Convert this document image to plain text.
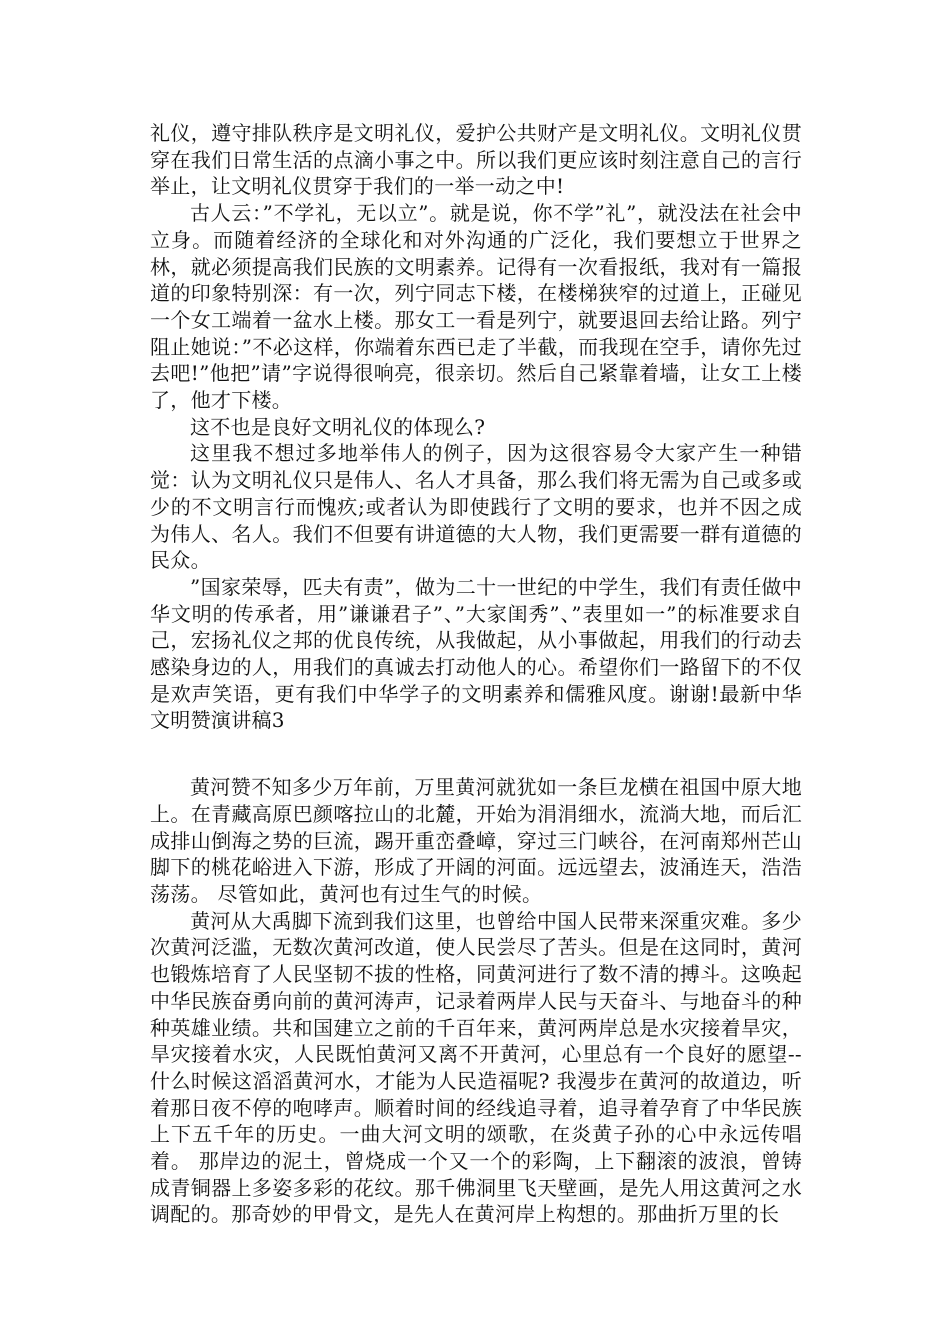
礼仪，遵守排队秩序是文明礼仪，爱护公共财产是文明礼仪。文明礼仪贯穿在我们日常生活的点滴小事之中。所以我们更应该时刻注意自己的言行举止，让文明礼仪贯穿于我们的一举一动之中!

古人云：”不学礼，无以立”。就是说，你不学”礼”，就没法在社会中立身。而随着经济的全球化和对外沟通的广泛化，我们要想立于世界之林，就必须提高我们民族的文明素养。记得有一次看报纸，我对有一篇报道的印象特别深：有一次，列宁同志下楼，在楼梯狭窄的过道上，正碰见一个女工端着一盆水上楼。那女工一看是列宁，就要退回去给让路。列宁阻止她说：”不必这样，你端着东西已走了半截，而我现在空手，请你先过去吧!”他把”请”字说得很响亮，很亲切。然后自己紧靠着墙，让女工上楼了，他才下楼。

这不也是良好文明礼仪的体现么?

这里我不想过多地举伟人的例子，因为这很容易令大家产生一种错觉：认为文明礼仪只是伟人、名人才具备，那么我们将无需为自己或多或少的不文明言行而愧疚;或者认为即使践行了文明的要求，也并不因之成为伟人、名人。我们不但要有讲道德的大人物，我们更需要一群有道德的民众。

”国家荣辱，匹夫有责”，做为二十一世纪的中学生，我们有责任做中华文明的传承者，用”谦谦君子”、”大家闺秀”、”表里如一”的标准要求自己，宏扬礼仪之邦的优良传统，从我做起，从小事做起，用我们的行动去感染身边的人，用我们的真诚去打动他人的心。希望你们一路留下的不仅是欢声笑语，更有我们中华学子的文明素养和儒雅风度。谢谢!最新中华文明赞演讲稿3

黄河赞不知多少万年前，万里黄河就犹如一条巨龙横在祖国中原大地上。在青藏高原巴颜喀拉山的北麓，开始为涓涓细水，流淌大地，而后汇成排山倒海之势的巨流，踢开重峦叠嶂，穿过三门峡谷，在河南郑州芒山脚下的桃花峪进入下游，形成了开阔的河面。远远望去，波涌连天，浩浩荡荡。 尽管如此，黄河也有过生气的时候。

黄河从大禹脚下流到我们这里，也曾给中国人民带来深重灾难。多少次黄河泛滥，无数次黄河改道，使人民尝尽了苦头。但是在这同时，黄河也锻炼培育了人民坚韧不拔的性格，同黄河进行了数不清的搏斗。这唤起中华民族奋勇向前的黄河涛声，记录着两岸人民与天奋斗、与地奋斗的种种英雄业绩。共和国建立之前的千百年来，黄河两岸总是水灾接着旱灾，旱灾接着水灾，人民既怕黄河又离不开黄河，心里总有一个良好的愿望--什么时候这滔滔黄河水，才能为人民造福呢? 我漫步在黄河的故道边，听着那日夜不停的咆哮声。顺着时间的经线追寻着，追寻着孕育了中华民族上下五千年的历史。一曲大河文明的颂歌，在炎黄子孙的心中永远传唱着。 那岸边的泥土，曾烧成一个又一个的彩陶，上下翻滚的波浪，曾铸成青铜器上多姿多彩的花纹。那千佛洞里飞天壁画，是先人用这黄河之水调配的。那奇妙的甲骨文，是先人在黄河岸上构想的。那曲折万里的长
